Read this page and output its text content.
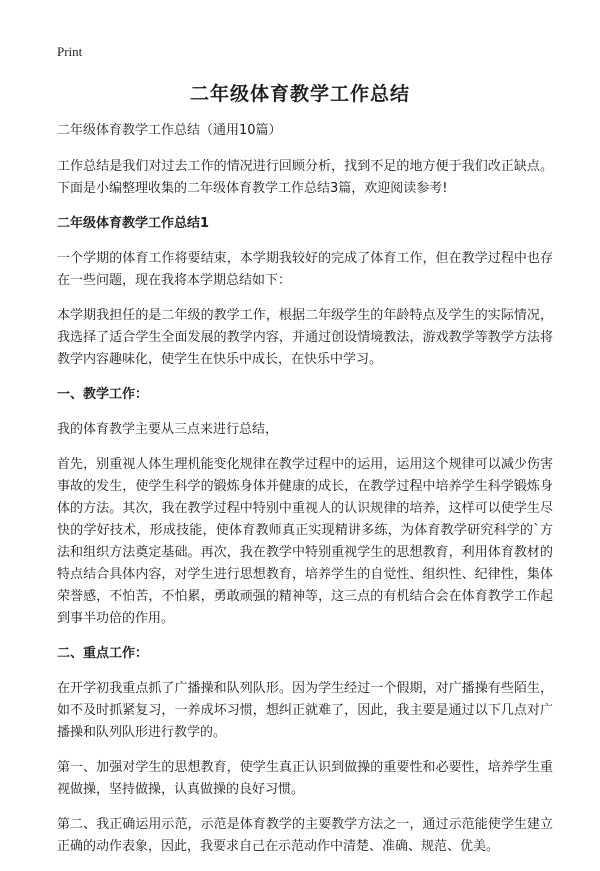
Print
二年级体育教学工作总结

二年级体育教学工作总结（通用10篇）

工作总结是我们对过去工作的情况进行回顾分析，找到不足的地方便于我们改正缺点。下面是小编整理收集的二年级体育教学工作总结3篇，欢迎阅读参考!

二年级体育教学工作总结1

一个学期的体育工作将要结束，本学期我较好的完成了体育工作，但在教学过程中也存在一些问题，现在我将本学期总结如下：

本学期我担任的是二年级的教学工作，根据二年级学生的年龄特点及学生的实际情况，我选择了适合学生全面发展的教学内容，并通过创设情境教法，游戏教学等教学方法将教学内容趣味化，使学生在快乐中成长，在快乐中学习。

一、教学工作：

我的体育教学主要从三点来进行总结，

首先，别重视人体生理机能变化规律在教学过程中的运用，运用这个规律可以减少伤害事故的发生，使学生科学的锻炼身体并健康的成长，在教学过程中培养学生科学锻炼身体的方法。其次，我在教学过程中特别中重视人的认识规律的培养，这样可以使学生尽快的学好技术，形成技能，使体育教师真正实现精讲多练，为体育教学研究科学的`方法和组织方法奠定基础。再次，我在教学中特别重视学生的思想教育，利用体育教材的特点结合具体内容，对学生进行思想教育，培养学生的自觉性、组织性、纪律性，集体荣誉感，不怕苦，不怕累，勇敢顽强的精神等，这三点的有机结合会在体育教学工作起到事半功倍的作用。

二、重点工作：

在开学初我重点抓了广播操和队列队形。因为学生经过一个假期，对广播操有些陌生，如不及时抓紧复习，一养成坏习惯，想纠正就难了，因此，我主要是通过以下几点对广播操和队列队形进行教学的。

第一、加强对学生的思想教育，使学生真正认识到做操的重要性和必要性，培养学生重视做操，坚持做操，认真做操的良好习惯。

第二、我正确运用示范，示范是体育教学的主要教学方法之一，通过示范能使学生建立正确的动作表象，因此，我要求自己在示范动作中清楚、准确、规范、优美。
